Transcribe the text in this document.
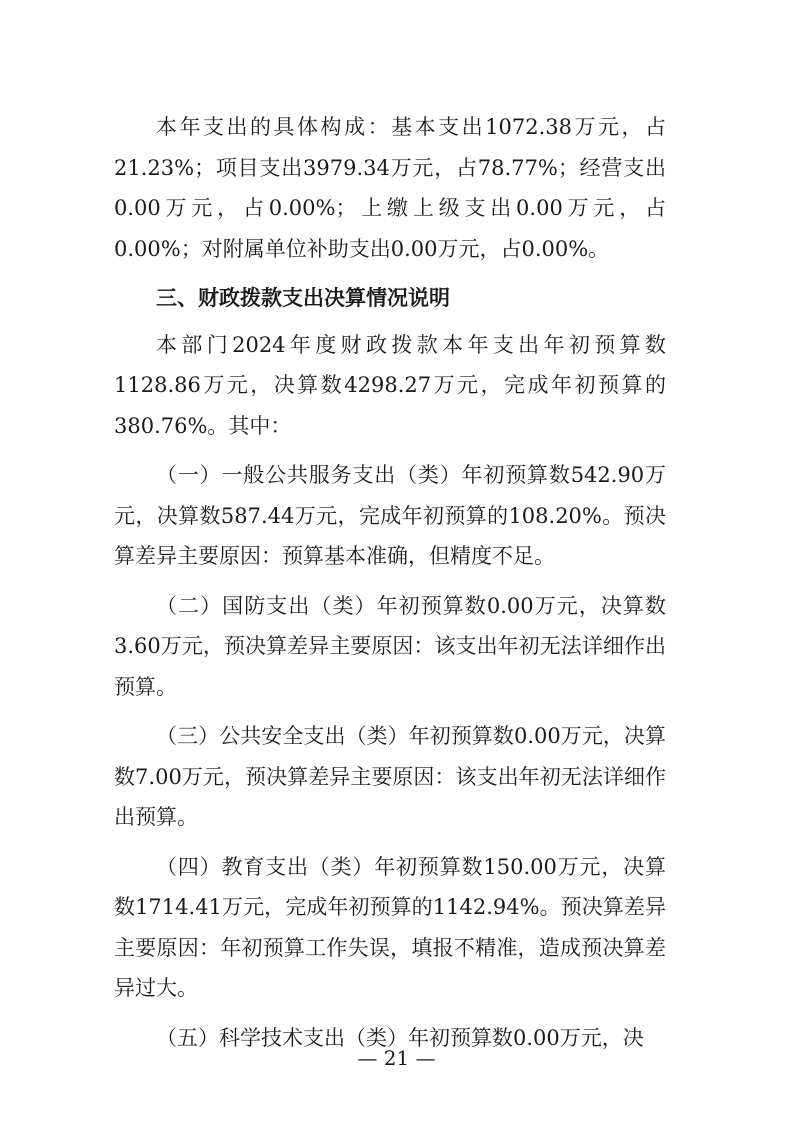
本年支出的具体构成：基本支出1072.38万元，占21.23%；项目支出3979.34万元，占78.77%；经营支出0.00万元，占0.00%；上缴上级支出0.00万元，占0.00%；对附属单位补助支出0.00万元，占0.00%。

三、财政拨款支出决算情况说明

本部门2024年度财政拨款本年支出年初预算数1128.86万元，决算数4298.27万元，完成年初预算的380.76%。其中：

（一）一般公共服务支出（类）年初预算数542.90万元，决算数587.44万元，完成年初预算的108.20%。预决算差异主要原因：预算基本准确，但精度不足。

（二）国防支出（类）年初预算数0.00万元，决算数3.60万元，预决算差异主要原因：该支出年初无法详细作出预算。

（三）公共安全支出（类）年初预算数0.00万元，决算数7.00万元，预决算差异主要原因：该支出年初无法详细作出预算。

（四）教育支出（类）年初预算数150.00万元，决算数1714.41万元，完成年初预算的1142.94%。预决算差异主要原因：年初预算工作失误，填报不精准，造成预决算差异过大。

（五）科学技术支出（类）年初预算数0.00万元，决

— 21 —
